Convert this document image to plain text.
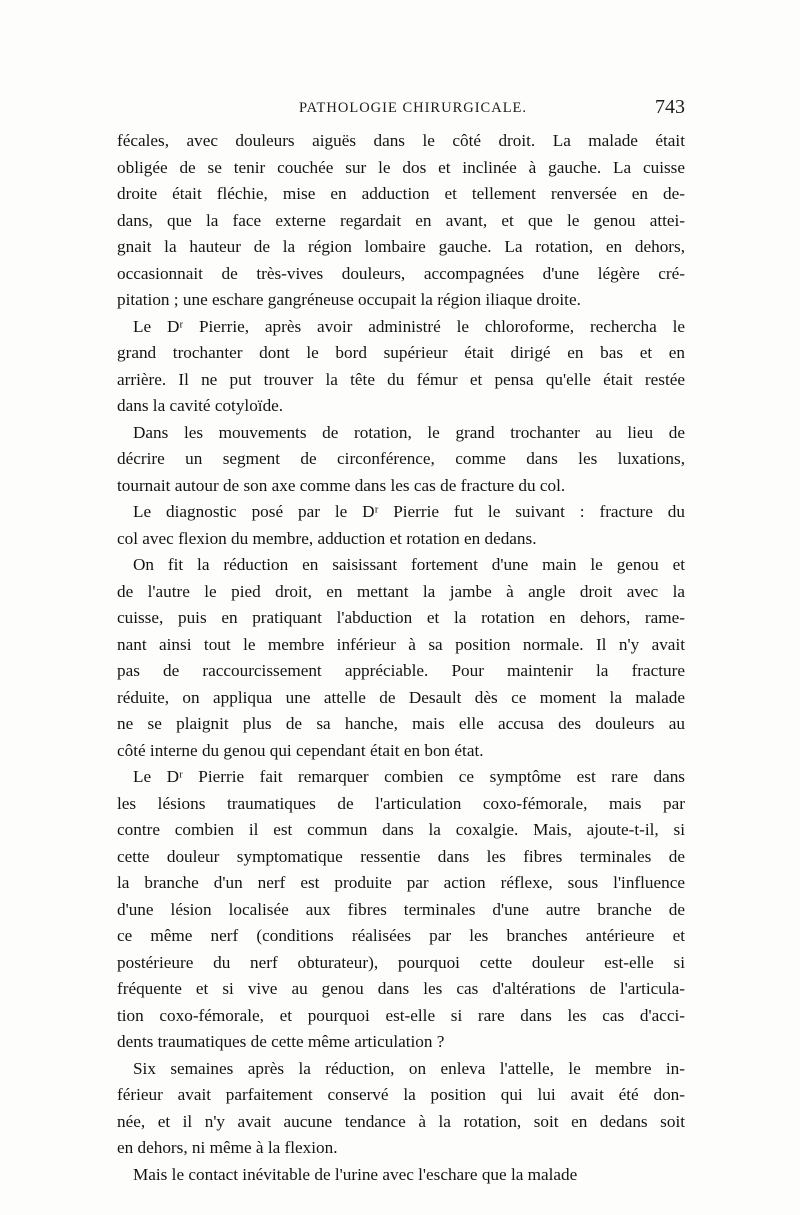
PATHOLOGIE CHIRURGICALE.	743
fécales, avec douleurs aiguës dans le côté droit. La malade était
obligée de se tenir couchée sur le dos et inclinée à gauche. La cuisse
droite était fléchie, mise en adduction et tellement renversée en de-
dans, que la face externe regardait en avant, et que le genou attei-
gnait la hauteur de la région lombaire gauche. La rotation, en dehors,
occasionnait de très-vives douleurs, accompagnées d'une légère cré-
pitation ; une eschare gangréneuse occupait la région iliaque droite.
Le Dʳ Pierrie, après avoir administré le chloroforme, rechercha le
grand trochanter dont le bord supérieur était dirigé en bas et en
arrière. Il ne put trouver la tête du fémur et pensa qu'elle était restée
dans la cavité cotyloïde.
Dans les mouvements de rotation, le grand trochanter au lieu de
décrire un segment de circonférence, comme dans les luxations,
tournait autour de son axe comme dans les cas de fracture du col.
Le diagnostic posé par le Dʳ Pierrie fut le suivant : fracture du
col avec flexion du membre, adduction et rotation en dedans.
On fit la réduction en saisissant fortement d'une main le genou et
de l'autre le pied droit, en mettant la jambe à angle droit avec la
cuisse, puis en pratiquant l'abduction et la rotation en dehors, rame-
nant ainsi tout le membre inférieur à sa position normale. Il n'y avait
pas de raccourcissement appréciable. Pour maintenir la fracture
réduite, on appliqua une attelle de Desault dès ce moment la malade
ne se plaignit plus de sa hanche, mais elle accusa des douleurs au
côté interne du genou qui cependant était en bon état.
Le Dʳ Pierrie fait remarquer combien ce symptôme est rare dans
les lésions traumatiques de l'articulation coxo-fémorale, mais par
contre combien il est commun dans la coxalgie. Mais, ajoute-t-il, si
cette douleur symptomatique ressentie dans les fibres terminales de
la branche d'un nerf est produite par action réflexe, sous l'influence
d'une lésion localisée aux fibres terminales d'une autre branche de
ce même nerf (conditions réalisées par les branches antérieure et
postérieure du nerf obturateur), pourquoi cette douleur est-elle si
fréquente et si vive au genou dans les cas d'altérations de l'articula-
tion coxo-fémorale, et pourquoi est-elle si rare dans les cas d'acci-
dents traumatiques de cette même articulation ?
Six semaines après la réduction, on enleva l'attelle, le membre in-
férieur avait parfaitement conservé la position qui lui avait été don-
née, et il n'y avait aucune tendance à la rotation, soit en dedans soit
en dehors, ni même à la flexion.
Mais le contact inévitable de l'urine avec l'eschare que la malade
